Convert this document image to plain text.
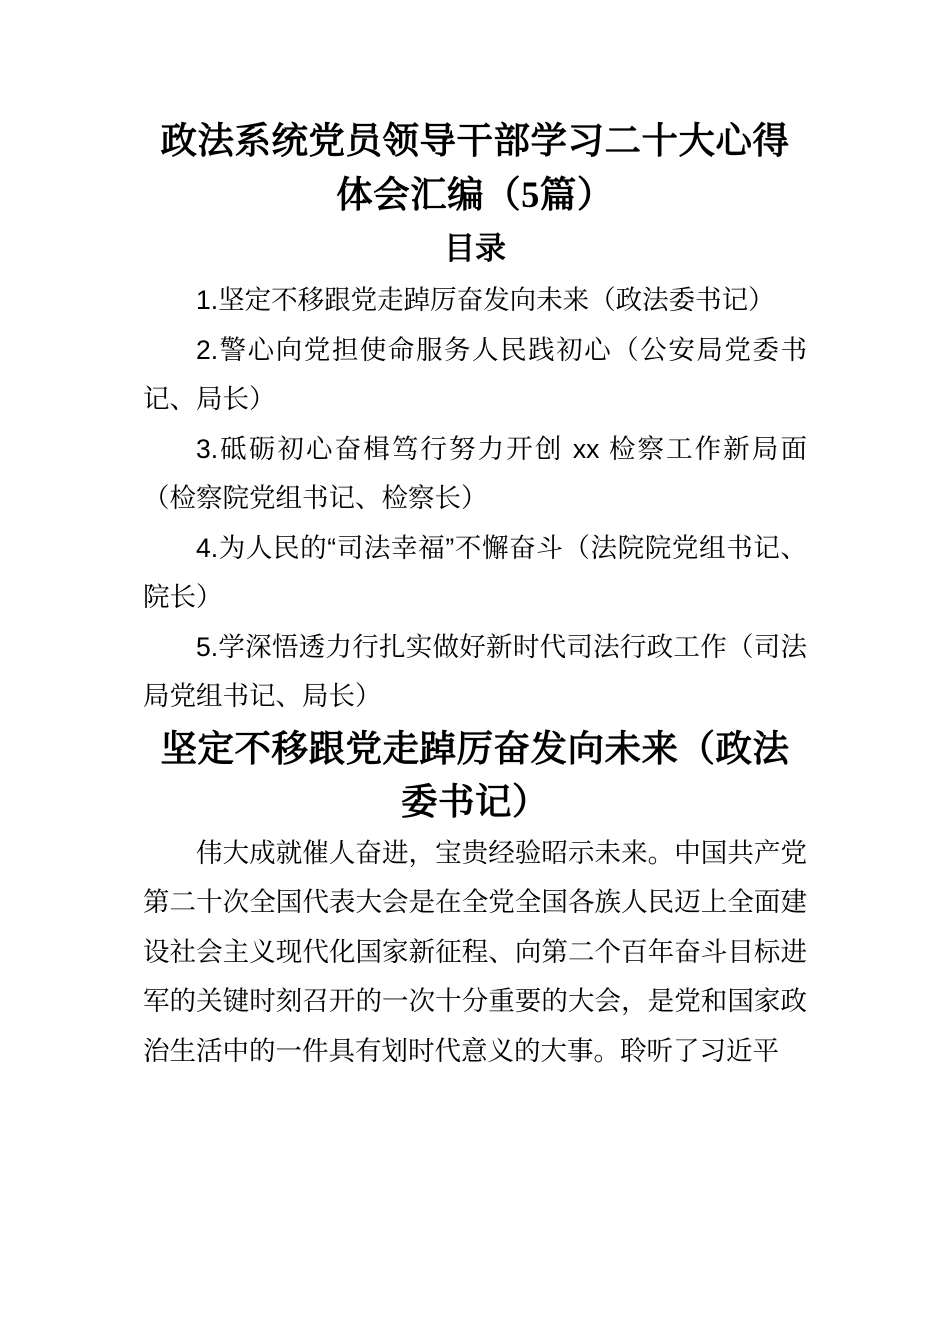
政法系统党员领导干部学习二十大心得体会汇编（5篇）
目录

1.坚定不移跟党走踔厉奋发向未来（政法委书记）

2.警心向党担使命服务人民践初心（公安局党委书记、局长）

3.砥砺初心奋楫笃行努力开创 xx 检察工作新局面（检察院党组书记、检察长）

4.为人民的“司法幸福”不懈奋斗（法院院党组书记、院长）

5.学深悟透力行扎实做好新时代司法行政工作（司法局党组书记、局长）

坚定不移跟党走踔厉奋发向未来（政法委书记）

伟大成就催人奋进，宝贵经验昭示未来。中国共产党第二十次全国代表大会是在全党全国各族人民迈上全面建设社会主义现代化国家新征程、向第二个百年奋斗目标进军的关键时刻召开的一次十分重要的大会，是党和国家政治生活中的一件具有划时代意义的大事。聆听了习近平
